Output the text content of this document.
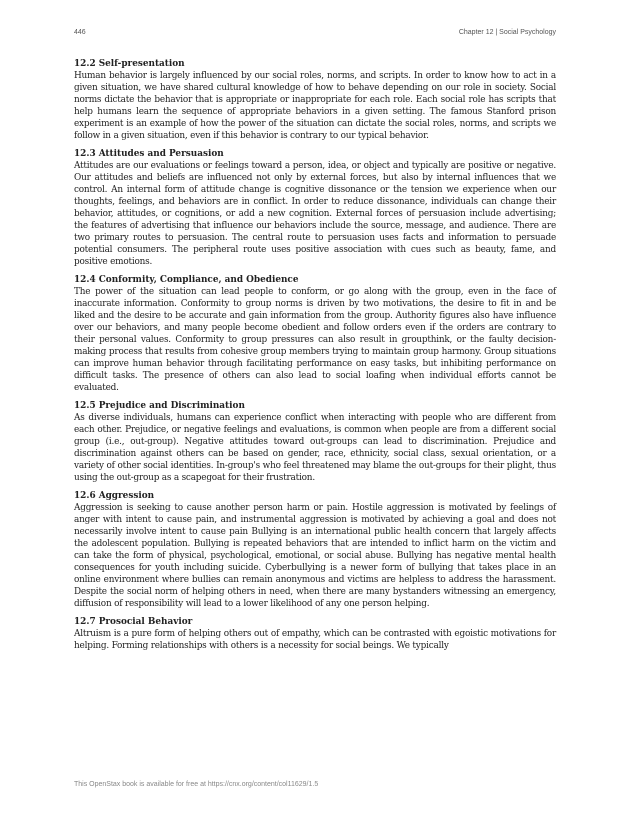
446	Chapter 12 | Social Psychology

12.2 Self-presentation

Human behavior is largely influenced by our social roles, norms, and scripts. In order to know how to act in a given situation, we have shared cultural knowledge of how to behave depending on our role in society. Social norms dictate the behavior that is appropriate or inappropriate for each role. Each social role has scripts that help humans learn the sequence of appropriate behaviors in a given setting. The famous Stanford prison experiment is an example of how the power of the situation can dictate the social roles, norms, and scripts we follow in a given situation, even if this behavior is contrary to our typical behavior.

12.3 Attitudes and Persuasion

Attitudes are our evaluations or feelings toward a person, idea, or object and typically are positive or negative. Our attitudes and beliefs are influenced not only by external forces, but also by internal influences that we control. An internal form of attitude change is cognitive dissonance or the tension we experience when our thoughts, feelings, and behaviors are in conflict. In order to reduce dissonance, individuals can change their behavior, attitudes, or cognitions, or add a new cognition. External forces of persuasion include advertising; the features of advertising that influence our behaviors include the source, message, and audience. There are two primary routes to persuasion. The central route to persuasion uses facts and information to persuade potential consumers. The peripheral route uses positive association with cues such as beauty, fame, and positive emotions.

12.4 Conformity, Compliance, and Obedience

The power of the situation can lead people to conform, or go along with the group, even in the face of inaccurate information. Conformity to group norms is driven by two motivations, the desire to fit in and be liked and the desire to be accurate and gain information from the group. Authority figures also have influence over our behaviors, and many people become obedient and follow orders even if the orders are contrary to their personal values. Conformity to group pressures can also result in groupthink, or the faulty decision-making process that results from cohesive group members trying to maintain group harmony. Group situations can improve human behavior through facilitating performance on easy tasks, but inhibiting performance on difficult tasks. The presence of others can also lead to social loafing when individual efforts cannot be evaluated.

12.5 Prejudice and Discrimination

As diverse individuals, humans can experience conflict when interacting with people who are different from each other. Prejudice, or negative feelings and evaluations, is common when people are from a different social group (i.e., out-group). Negative attitudes toward out-groups can lead to discrimination. Prejudice and discrimination against others can be based on gender, race, ethnicity, social class, sexual orientation, or a variety of other social identities. In-group's who feel threatened may blame the out-groups for their plight, thus using the out-group as a scapegoat for their frustration.

12.6 Aggression

Aggression is seeking to cause another person harm or pain. Hostile aggression is motivated by feelings of anger with intent to cause pain, and instrumental aggression is motivated by achieving a goal and does not necessarily involve intent to cause pain Bullying is an international public health concern that largely affects the adolescent population. Bullying is repeated behaviors that are intended to inflict harm on the victim and can take the form of physical, psychological, emotional, or social abuse. Bullying has negative mental health consequences for youth including suicide. Cyberbullying is a newer form of bullying that takes place in an online environment where bullies can remain anonymous and victims are helpless to address the harassment. Despite the social norm of helping others in need, when there are many bystanders witnessing an emergency, diffusion of responsibility will lead to a lower likelihood of any one person helping.

12.7 Prosocial Behavior

Altruism is a pure form of helping others out of empathy, which can be contrasted with egoistic motivations for helping. Forming relationships with others is a necessity for social beings. We typically

This OpenStax book is available for free at https://cnx.org/content/col11629/1.5
